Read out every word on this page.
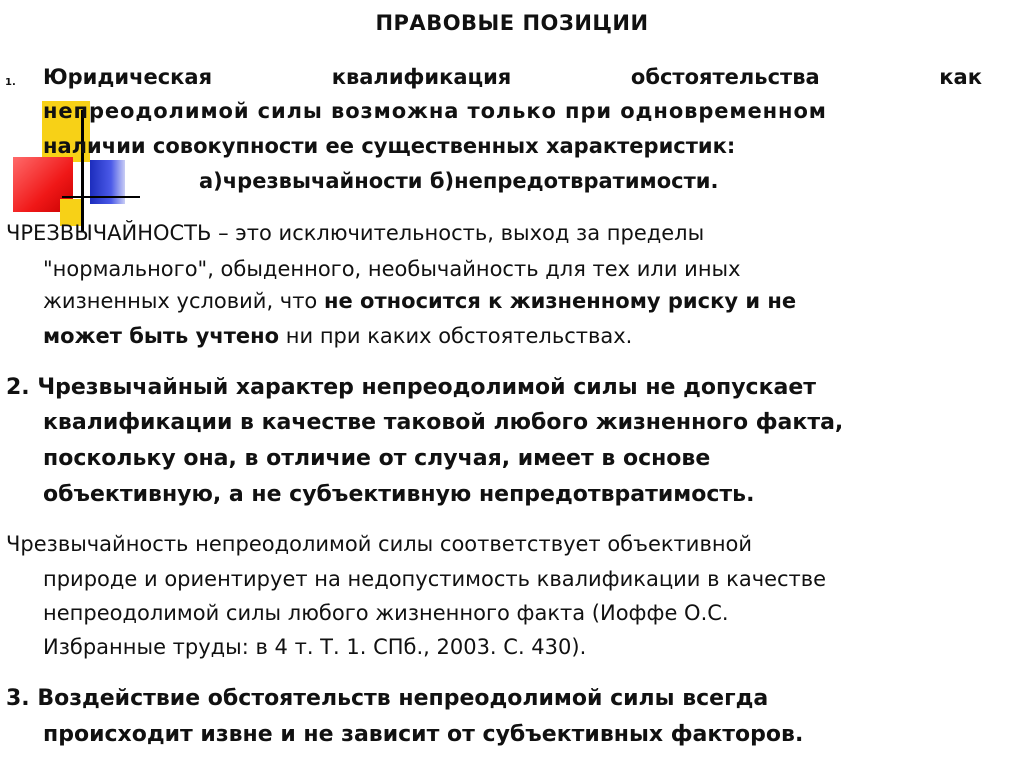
ПРАВОВЫЕ ПОЗИЦИИ
1. Юридическая	квалификация	обстоятельства	как
непреодолимой силы возможна только при одновременном
наличии совокупности ее существенных характеристик:
а)чрезвычайности б)непредотвратимости.
ЧРЕЗВЫЧАЙНОСТЬ – это исключительность, выход за пределы
"нормального", обыденного, необычайность для тех или иных
жизненных условий, что не относится к жизненному риску и не
может быть учтено ни при каких обстоятельствах.
2. Чрезвычайный характер непреодолимой силы не допускает
квалификации в качестве таковой любого жизненного факта,
поскольку она, в отличие от случая, имеет в основе
объективную, а не субъективную непредотвратимость.
Чрезвычайность непреодолимой силы соответствует объективной
природе и ориентирует на недопустимость квалификации в качестве
непреодолимой силы любого жизненного факта (Иоффе О.С.
Избранные труды: в 4 т. Т. 1. СПб., 2003. С. 430).
3. Воздействие обстоятельств непреодолимой силы всегда
происходит извне и не зависит от субъективных факторов.
